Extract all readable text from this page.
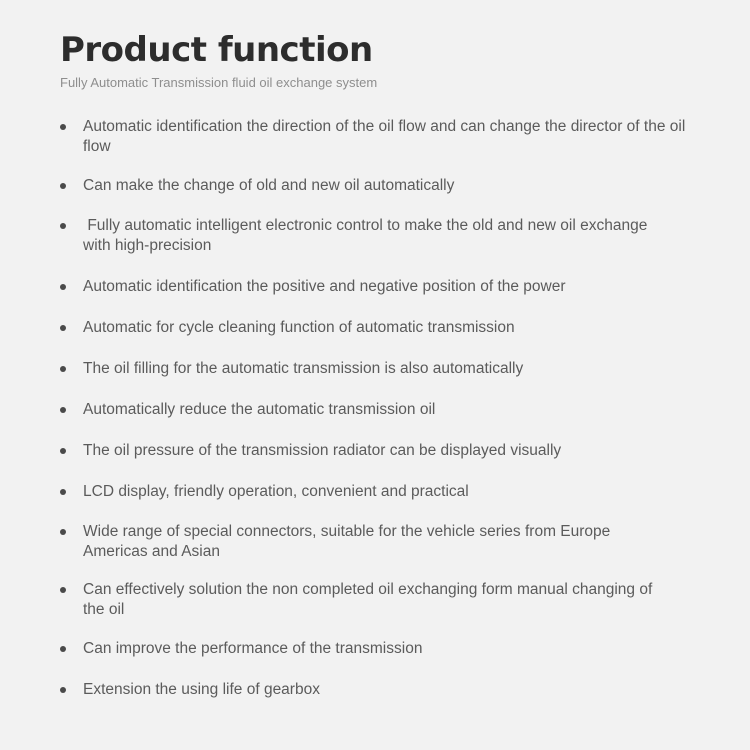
Product function

Fully Automatic Transmission fluid oil exchange system

Automatic identification the direction of the oil flow and can change the director of the oil flow
Can make the change of old and new oil automatically
Fully automatic intelligent electronic control to make the old and new oil exchange with high-precision
Automatic identification the positive and negative position of the power
Automatic for cycle cleaning function of automatic transmission
The oil filling for the automatic transmission is also automatically
Automatically reduce the automatic transmission oil
The oil pressure of the transmission radiator can be displayed visually
LCD display, friendly operation, convenient and practical
Wide range of special connectors, suitable for the vehicle series from Europe Americas and Asian
Can effectively solution the non completed oil exchanging form manual changing of the oil
Can improve the performance of the transmission
Extension the using life of gearbox
